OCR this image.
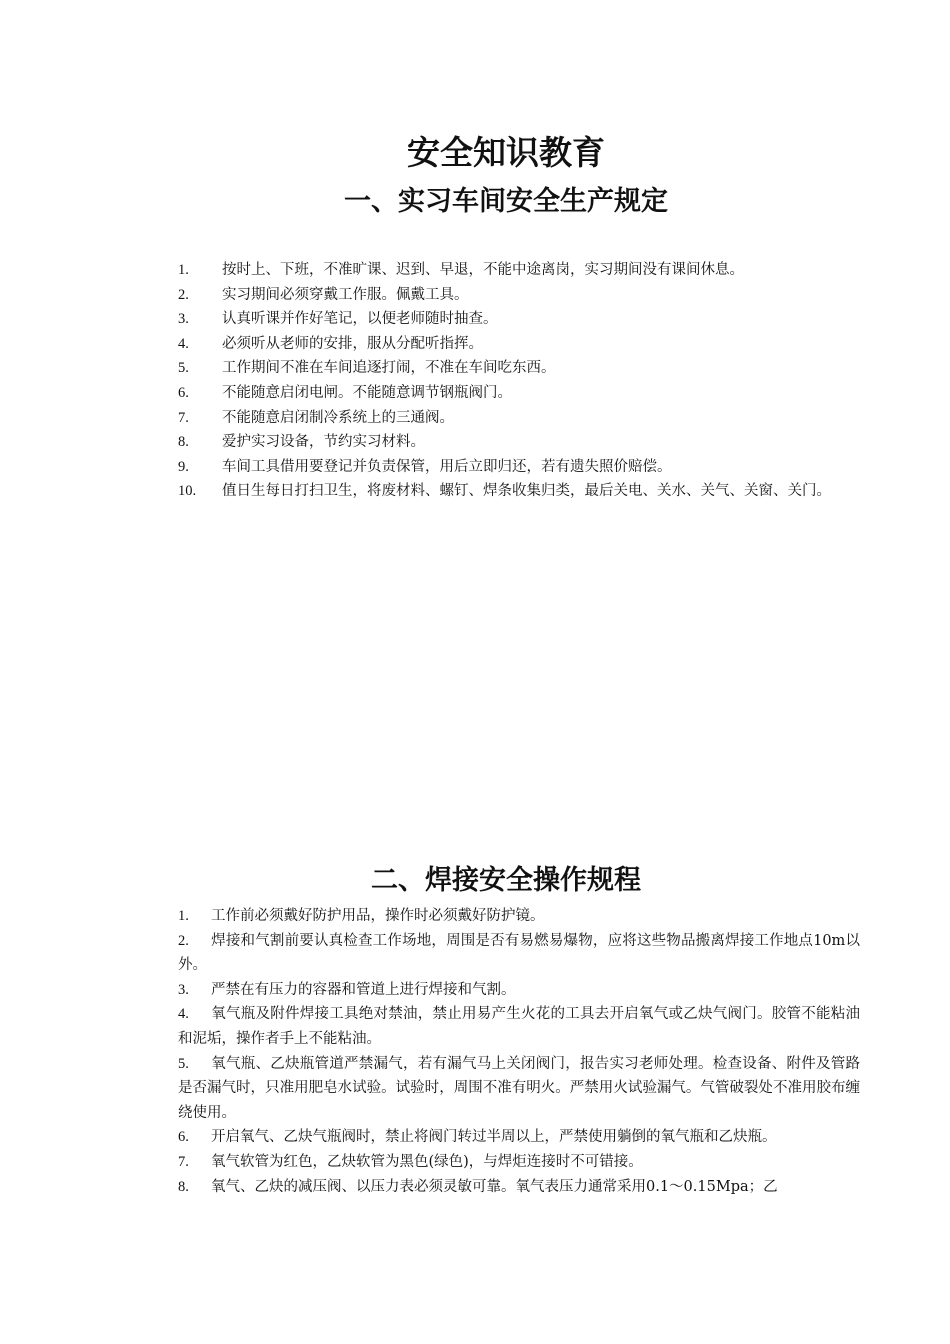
安全知识教育
一、实习车间安全生产规定
1. 按时上、下班，不准旷课、迟到、早退，不能中途离岗，实习期间没有课间休息。
2. 实习期间必须穿戴工作服。佩戴工具。
3. 认真听课并作好笔记，以便老师随时抽查。
4. 必须听从老师的安排，服从分配听指挥。
5. 工作期间不准在车间追逐打闹，不准在车间吃东西。
6. 不能随意启闭电闸。不能随意调节钢瓶阀门。
7. 不能随意启闭制冷系统上的三通阀。
8. 爱护实习设备，节约实习材料。
9. 车间工具借用要登记并负责保管，用后立即归还，若有遗失照价赔偿。
10. 值日生每日打扫卫生，将废材料、螺钉、焊条收集归类，最后关电、关水、关气、关窗、关门。
二、焊接安全操作规程
1. 工作前必须戴好防护用品，操作时必须戴好防护镜。
2. 焊接和气割前要认真检查工作场地，周围是否有易燃易爆物，应将这些物品搬离焊接工作地点10m以外。
3. 严禁在有压力的容器和管道上进行焊接和气割。
4. 氧气瓶及附件焊接工具绝对禁油，禁止用易产生火花的工具去开启氧气或乙炔气阀门。胶管不能粘油和泥垢，操作者手上不能粘油。
5. 氧气瓶、乙炔瓶管道严禁漏气，若有漏气马上关闭阀门，报告实习老师处理。检查设备、附件及管路是否漏气时，只准用肥皂水试验。试验时，周围不准有明火。严禁用火试验漏气。气管破裂处不准用胶布缠绕使用。
6. 开启氧气、乙炔气瓶阀时，禁止将阀门转过半周以上，严禁使用躺倒的氧气瓶和乙炔瓶。
7. 氧气软管为红色，乙炔软管为黑色(绿色)，与焊炬连接时不可错接。
8. 氧气、乙炔的减压阀、以压力表必须灵敏可靠。氧气表压力通常采用0.1～0.15Mpa；乙
